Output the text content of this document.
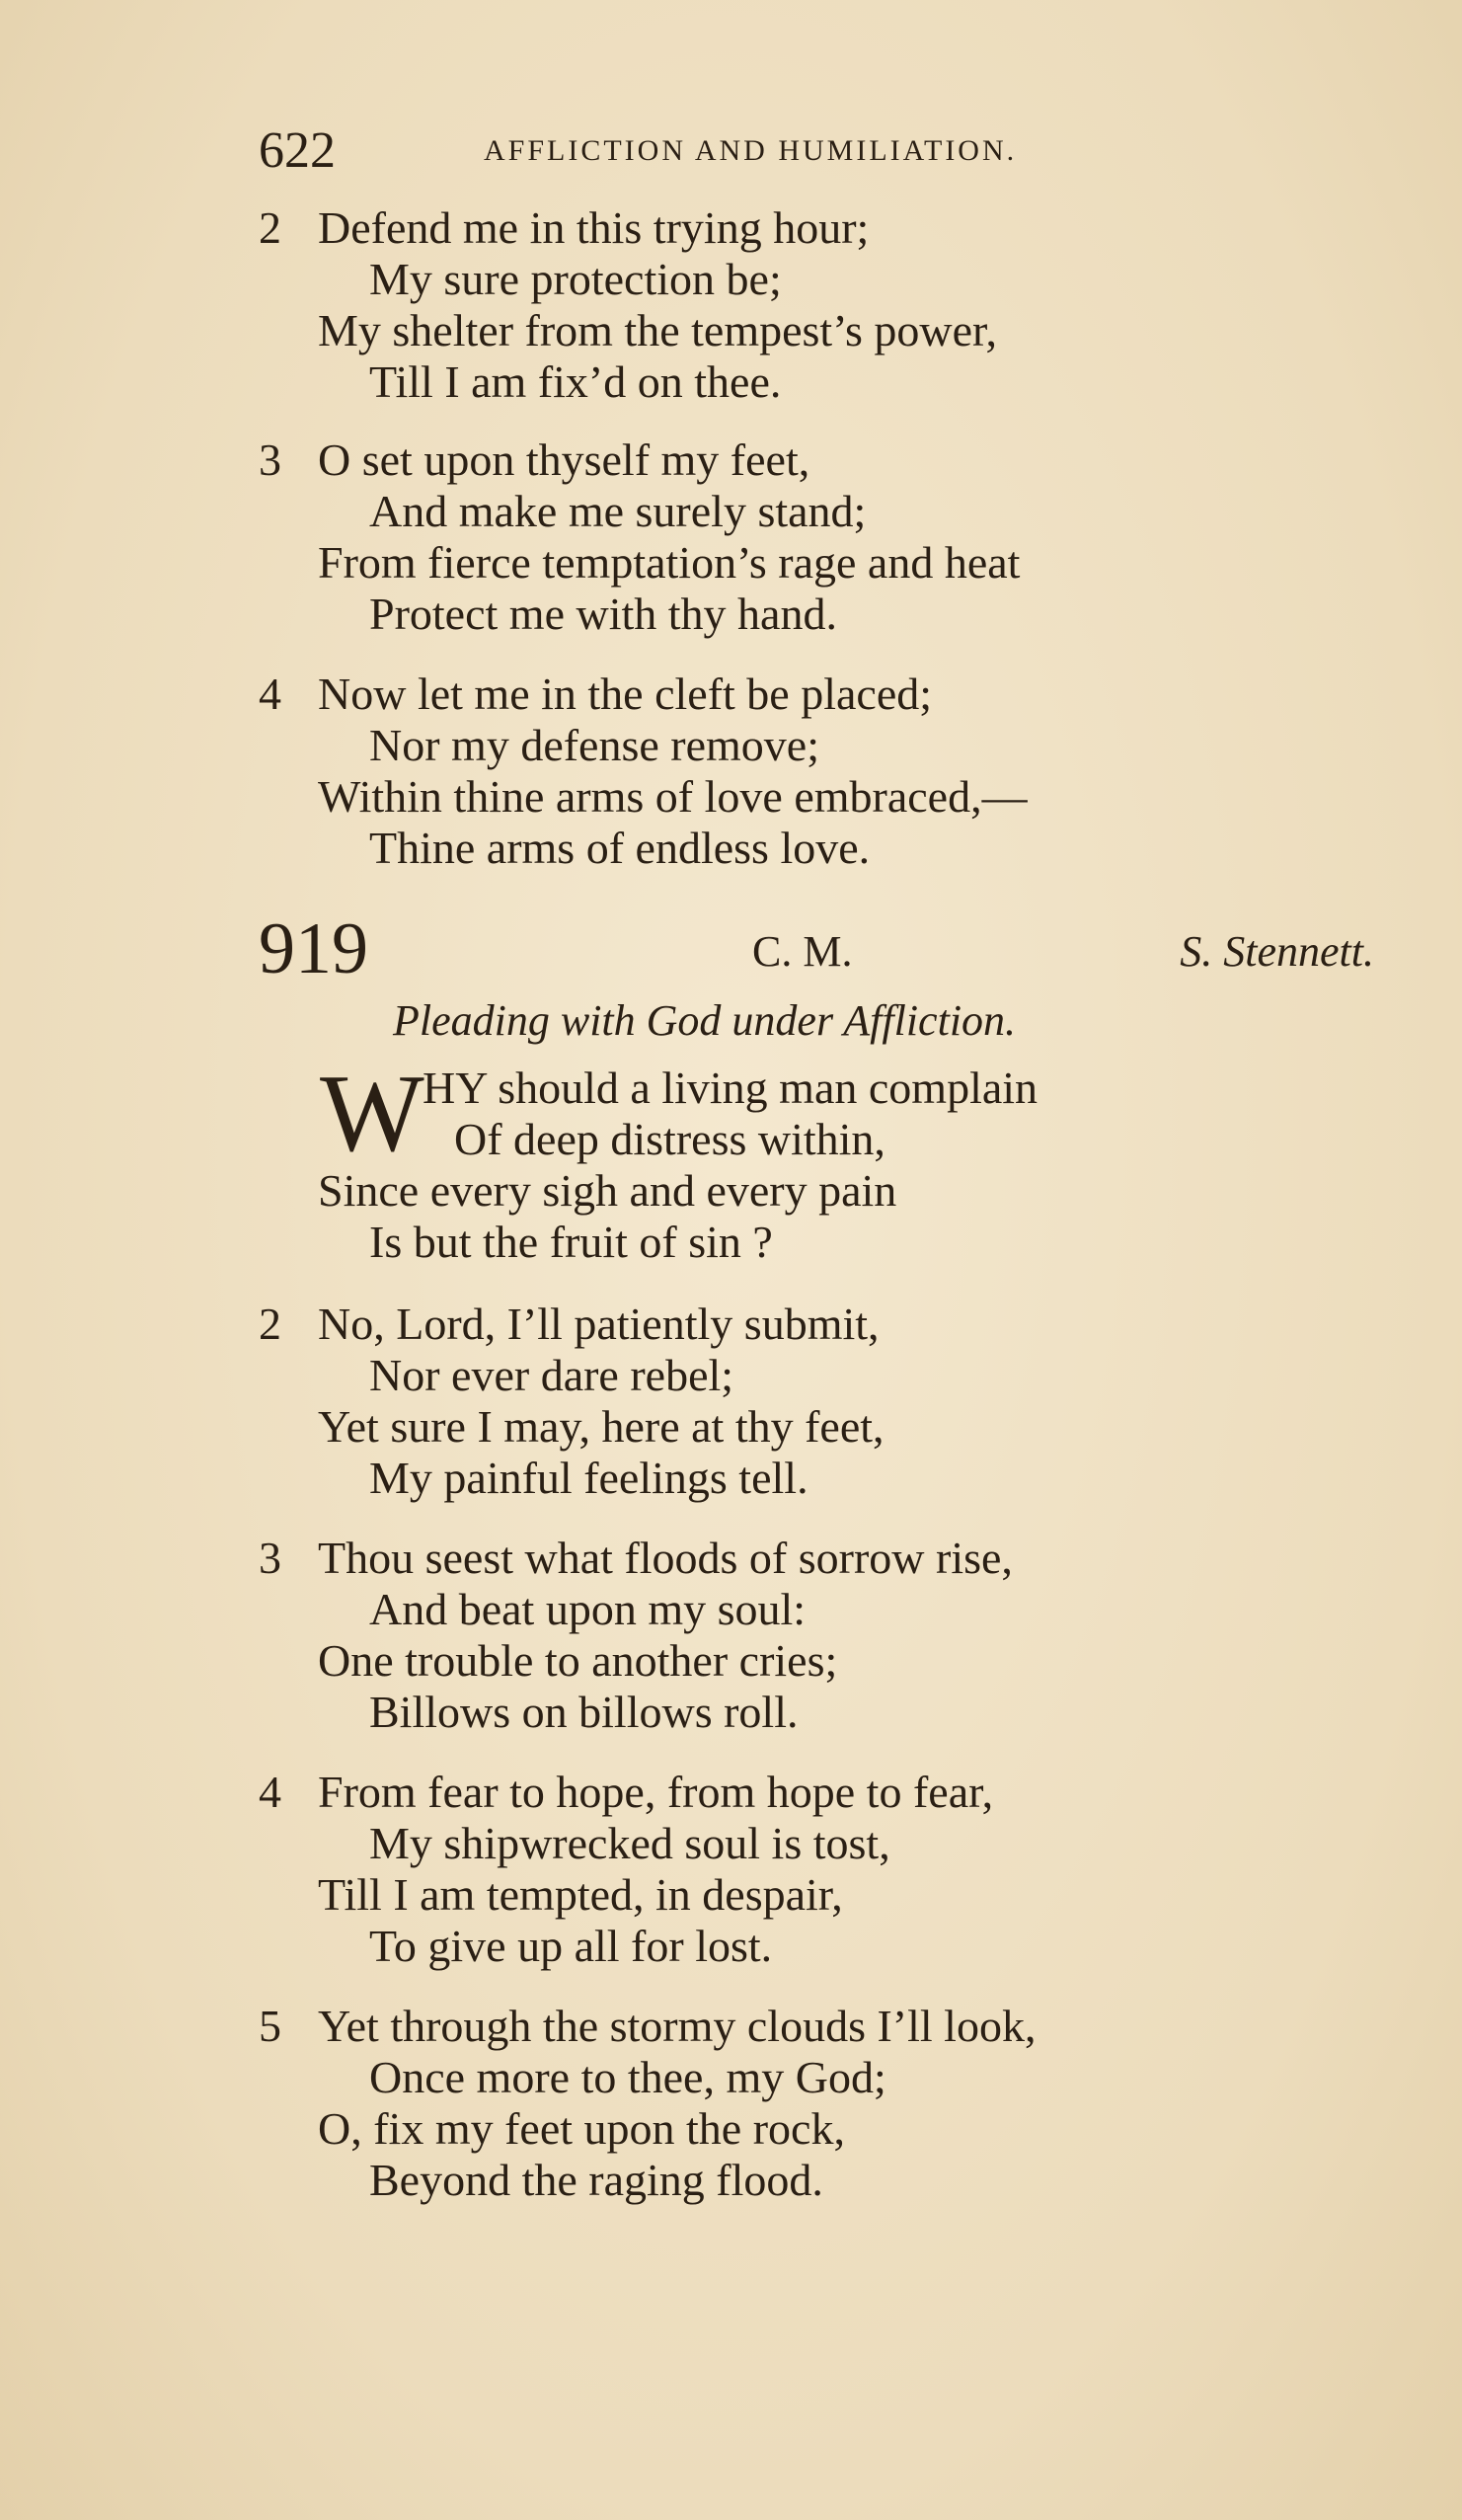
622	AFFLICTION AND HUMILIATION.
2 Defend me in this trying hour;
My sure protection be;
My shelter from the tempest’s power,
Till I am fix’d on thee.
3 O set upon thyself my feet,
And make me surely stand;
From fierce temptation’s rage and heat
Protect me with thy hand.
4 Now let me in the cleft be placed;
Nor my defense remove;
Within thine arms of love embraced,—
Thine arms of endless love.
919	C. M.	S. Stennett.
Pleading with God under Affliction.
W
HY should a living man complain
Of deep distress within,
Since every sigh and every pain
Is but the fruit of sin ?
2 No, Lord, I’ll patiently submit,
Nor ever dare rebel;
Yet sure I may, here at thy feet,
My painful feelings tell.
3 Thou seest what floods of sorrow rise,
And beat upon my soul:
One trouble to another cries;
Billows on billows roll.
4 From fear to hope, from hope to fear,
My shipwrecked soul is tost,
Till I am tempted, in despair,
To give up all for lost.
5 Yet through the stormy clouds I’ll look,
Once more to thee, my God;
O, fix my feet upon the rock,
Beyond the raging flood.
